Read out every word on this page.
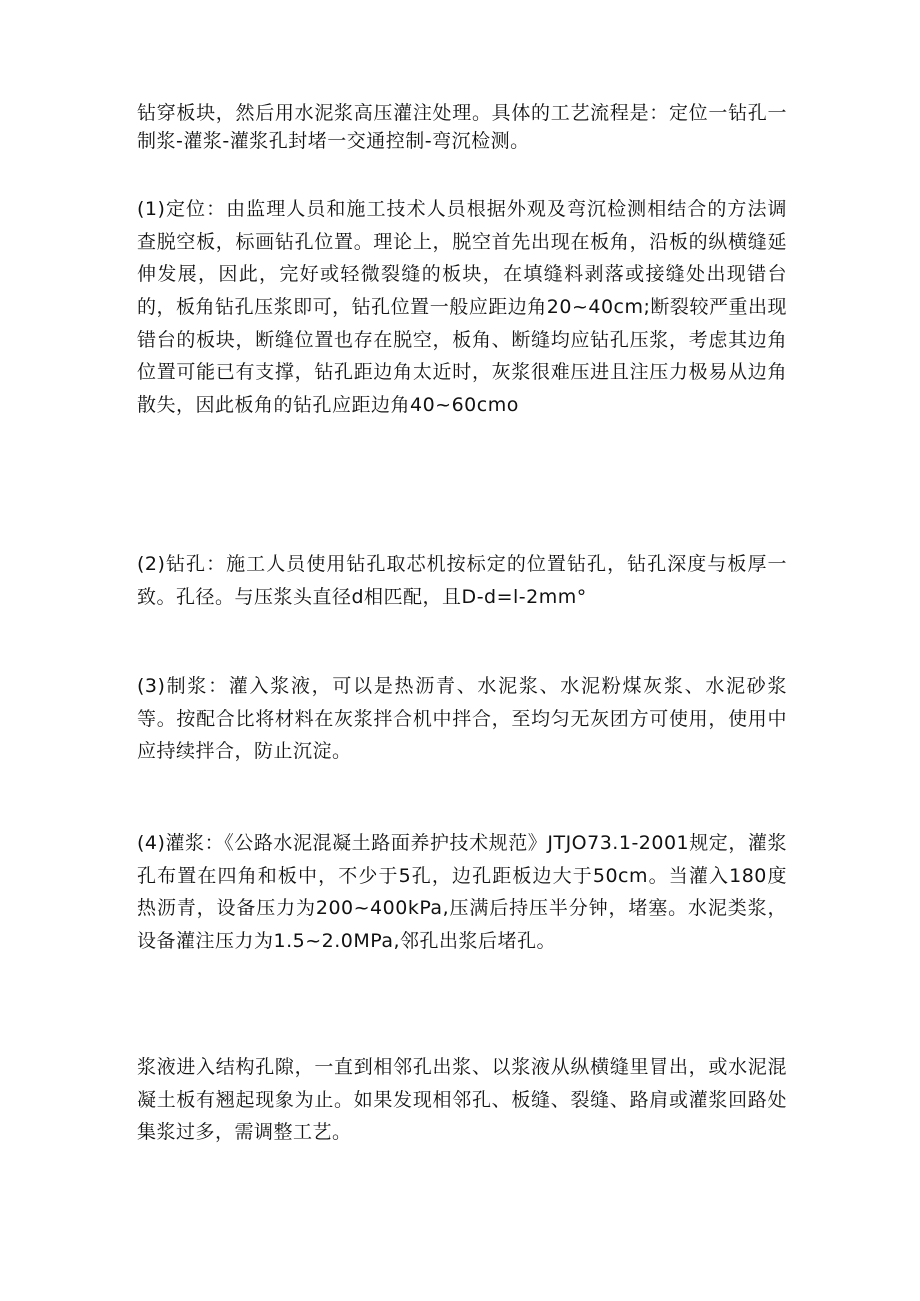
钻穿板块，然后用水泥浆高压灌注处理。具体的工艺流程是：定位一钻孔一制浆-灌浆-灌浆孔封堵一交通控制-弯沉检测。

(1)定位：由监理人员和施工技术人员根据外观及弯沉检测相结合的方法调查脱空板，标画钻孔位置。理论上，脱空首先出现在板角，沿板的纵横缝延伸发展，因此，完好或轻微裂缝的板块，在填缝料剥落或接缝处出现错台的，板角钻孔压浆即可，钻孔位置一般应距边角20~40cm;断裂较严重出现错台的板块，断缝位置也存在脱空，板角、断缝均应钻孔压浆，考虑其边角位置可能已有支撑，钻孔距边角太近时，灰浆很难压进且注压力极易从边角散失，因此板角的钻孔应距边角40~60cmo

(2)钻孔：施工人员使用钻孔取芯机按标定的位置钻孔，钻孔深度与板厚一致。孔径。与压浆头直径d相匹配，且D-d=l-2mm°

(3)制浆：灌入浆液，可以是热沥青、水泥浆、水泥粉煤灰浆、水泥砂浆等。按配合比将材料在灰浆拌合机中拌合，至均匀无灰团方可使用，使用中应持续拌合，防止沉淀。

(4)灌浆：《公路水泥混凝土路面养护技术规范》JTJO73.1-2001规定，灌浆孔布置在四角和板中，不少于5孔，边孔距板边大于50cm。当灌入180度热沥青，设备压力为200~400kPa,压满后持压半分钟，堵塞。水泥类浆，设备灌注压力为1.5~2.0MPa,邻孔出浆后堵孔。

浆液进入结构孔隙，一直到相邻孔出浆、以浆液从纵横缝里冒出，或水泥混凝土板有翘起现象为止。如果发现相邻孔、板缝、裂缝、路肩或灌浆回路处集浆过多，需调整工艺。
